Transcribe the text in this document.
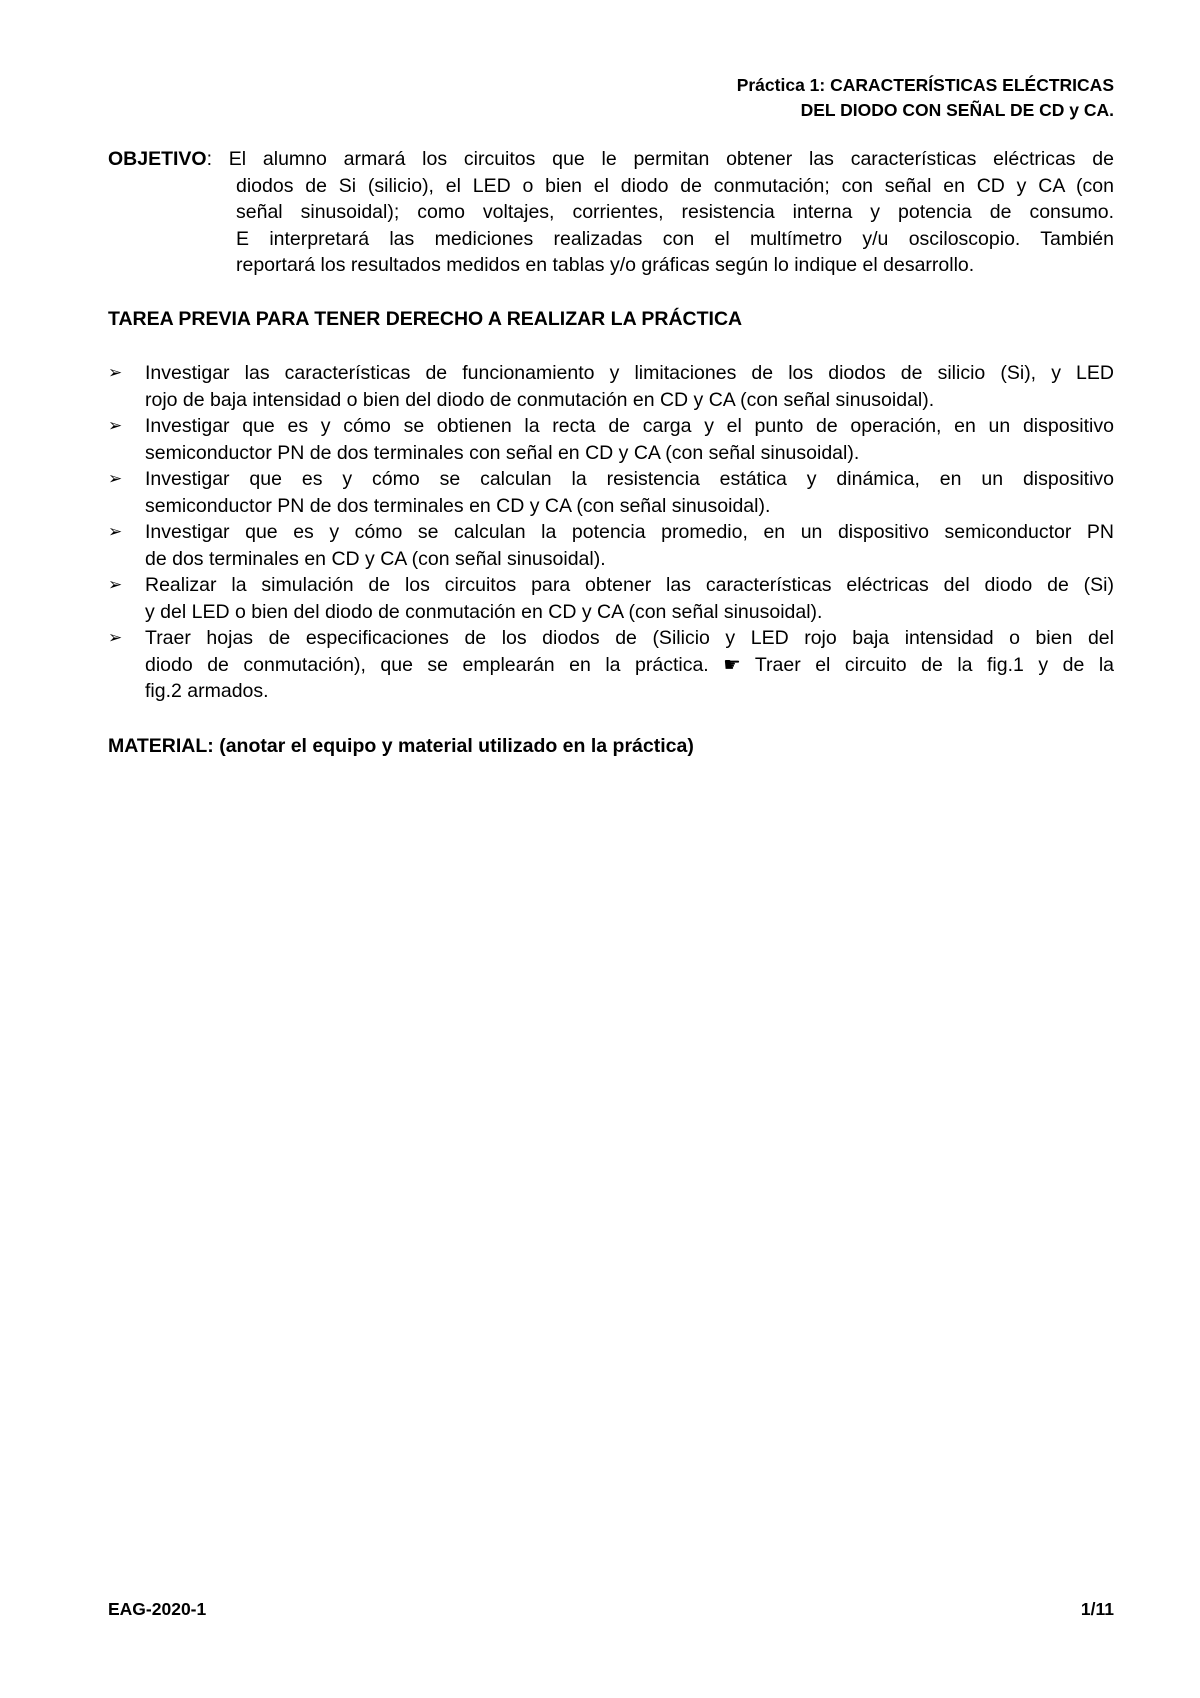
Práctica 1: CARACTERÍSTICAS ELÉCTRICAS
DEL DIODO CON SEÑAL DE CD y CA.
OBJETIVO: El alumno armará los circuitos que le permitan obtener las características eléctricas de
diodos de Si (silicio), el LED o bien el diodo de conmutación; con señal en CD y CA (con
señal sinusoidal); como voltajes, corrientes, resistencia interna y potencia de consumo.
E interpretará las mediciones realizadas con el multímetro y/u osciloscopio. También
reportará los resultados medidos en tablas y/o gráficas según lo indique el desarrollo.
TAREA PREVIA PARA TENER DERECHO A REALIZAR LA PRÁCTICA
➢ Investigar las características de funcionamiento y limitaciones de los diodos de silicio (Si), y LED
rojo de baja intensidad o bien del diodo de conmutación en CD y CA (con señal sinusoidal).
➢ Investigar que es y cómo se obtienen la recta de carga y el punto de operación, en un dispositivo
semiconductor PN de dos terminales con señal en CD y CA (con señal sinusoidal).
➢ Investigar que es y cómo se calculan la resistencia estática y dinámica, en un dispositivo
semiconductor PN de dos terminales en CD y CA (con señal sinusoidal).
➢ Investigar que es y cómo se calculan la potencia promedio, en un dispositivo semiconductor PN
de dos terminales en CD y CA (con señal sinusoidal).
➢ Realizar la simulación de los circuitos para obtener las características eléctricas del diodo de (Si)
y del LED o bien del diodo de conmutación en CD y CA (con señal sinusoidal).
➢ Traer hojas de especificaciones de los diodos de (Silicio y LED rojo baja intensidad o bien del
diodo de conmutación), que se emplearán en la práctica. ☛ Traer el circuito de la fig.1 y de la
fig.2 armados.
MATERIAL: (anotar el equipo y material utilizado en la práctica)
EAG-2020-1	1/11
